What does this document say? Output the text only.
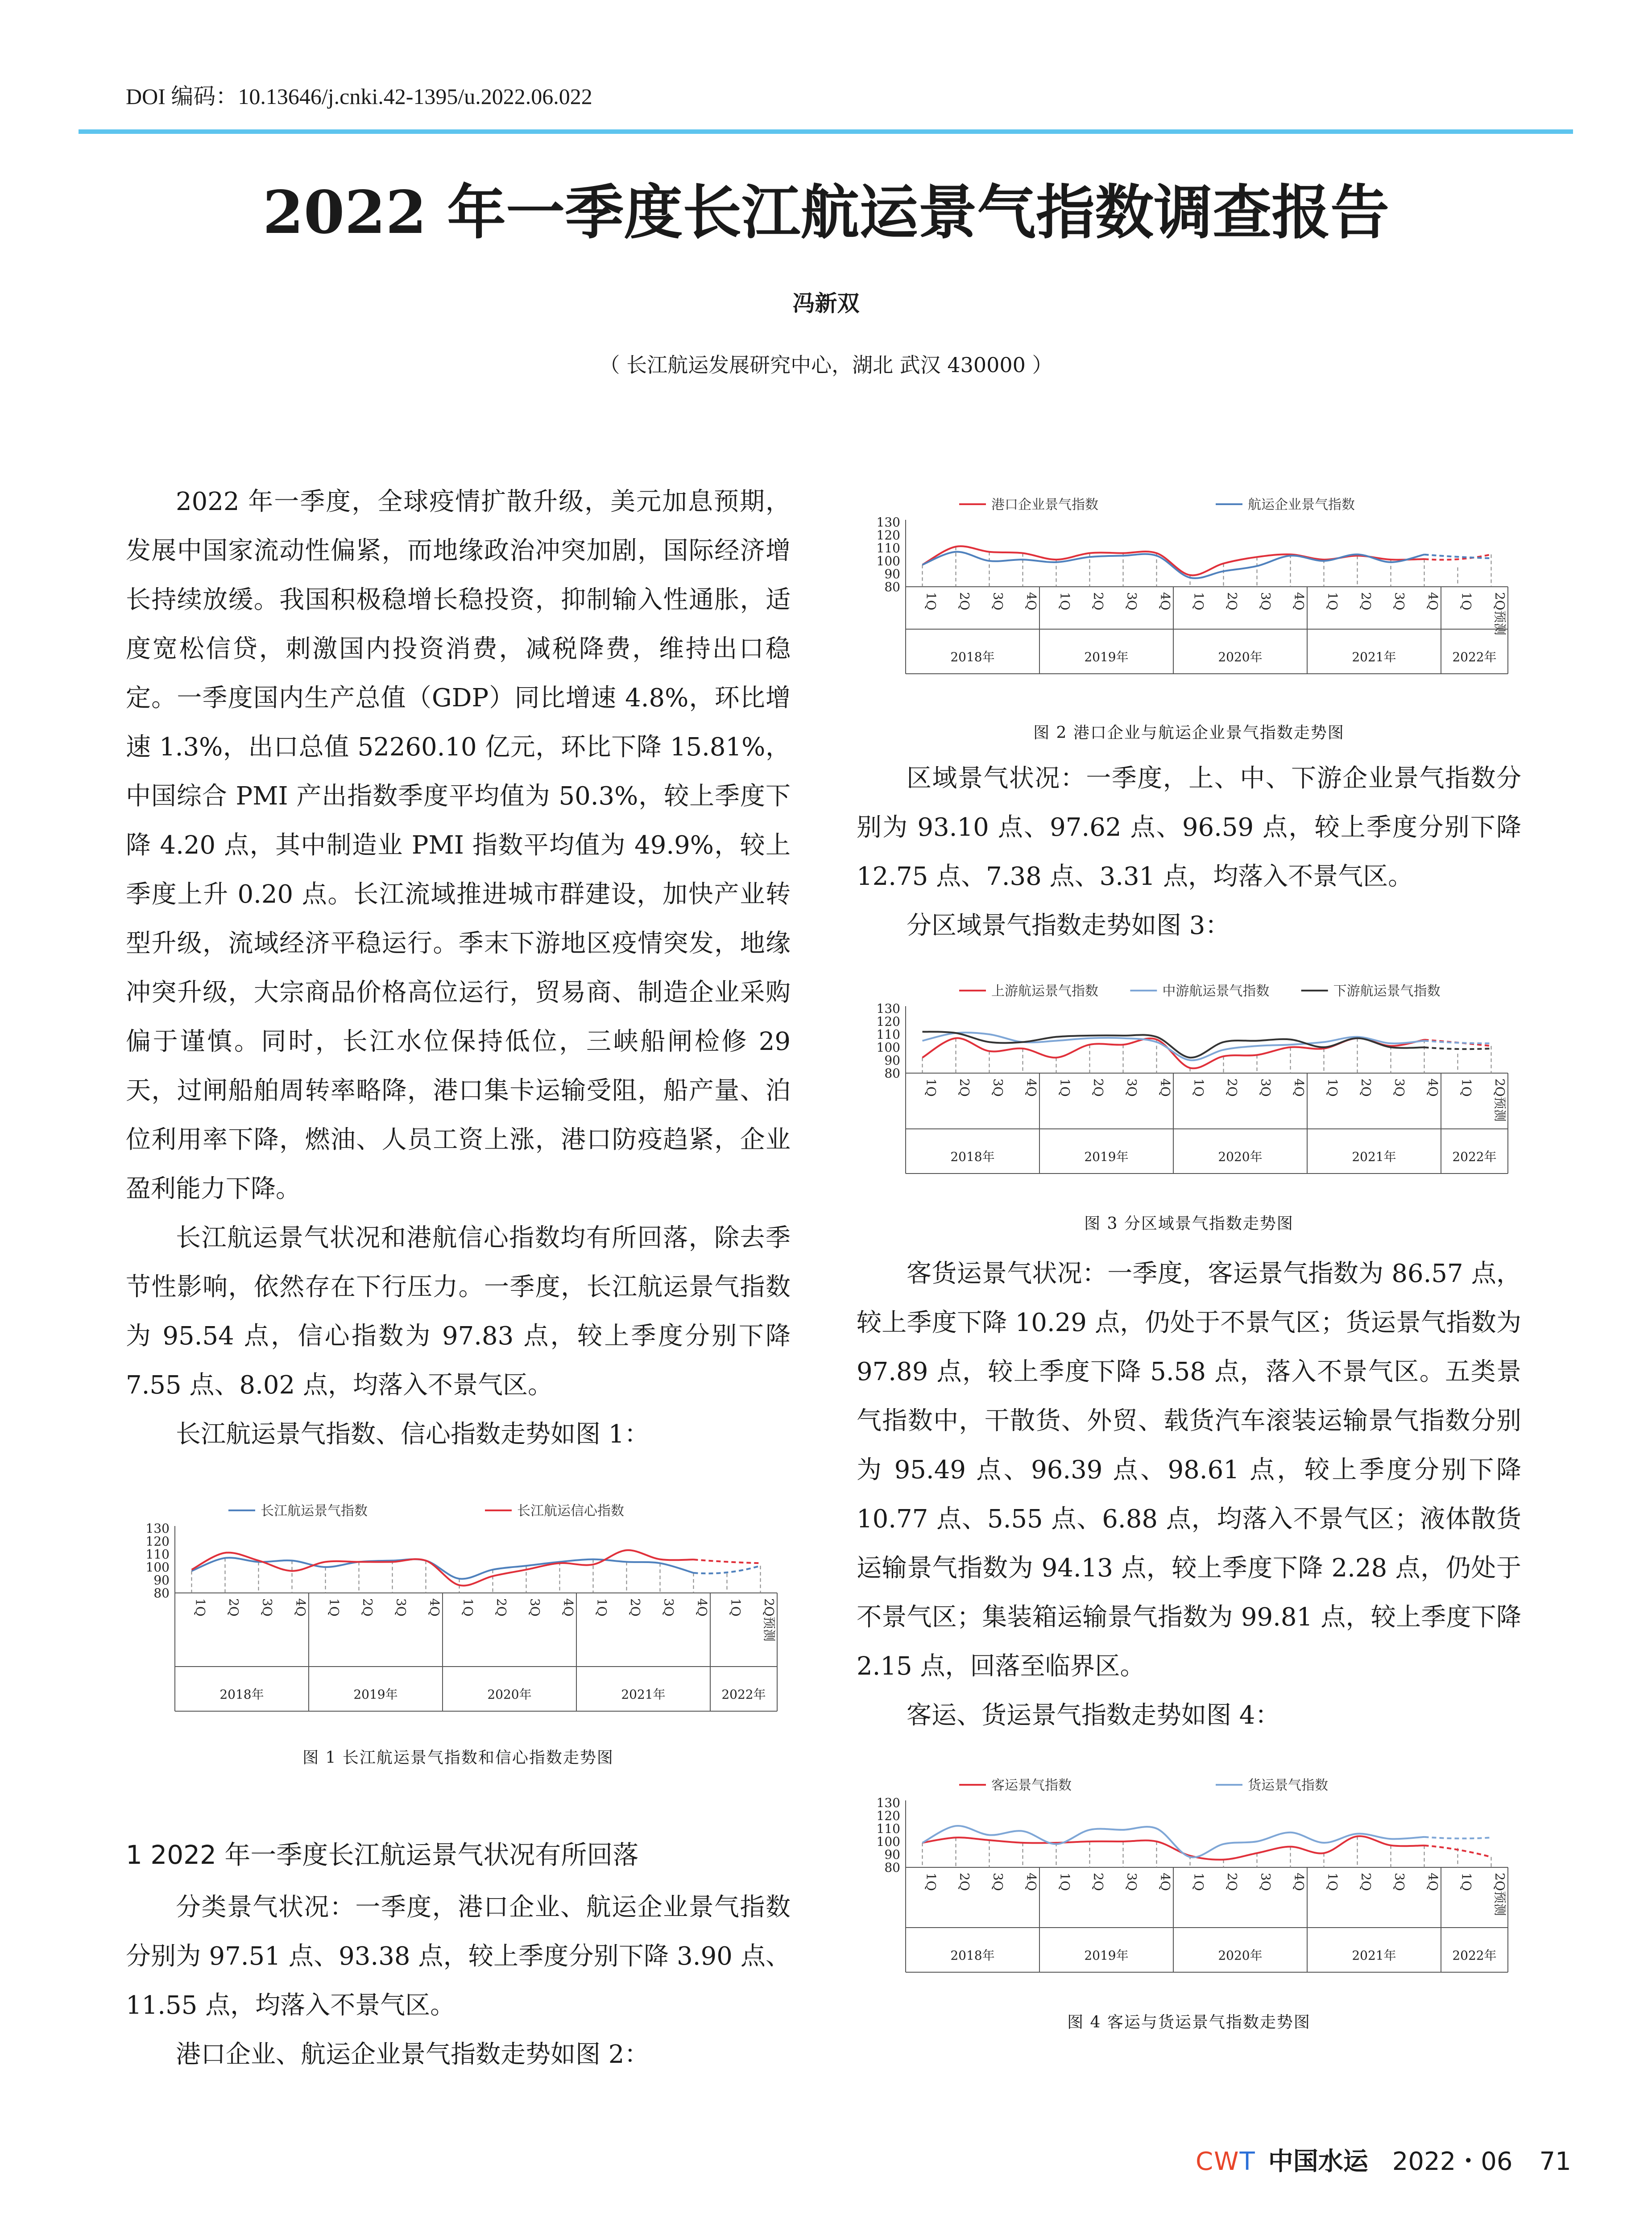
DOI 编码：10.13646/j.cnki.42-1395/u.2022.06.022
2022 年一季度长江航运景气指数调查报告
冯新双
（ 长江航运发展研究中心，湖北 武汉 430000 ）

2022 年一季度，全球疫情扩散升级，美元加息预期，发展中国家流动性偏紧，而地缘政治冲突加剧，国际经济增长持续放缓。我国积极稳增长稳投资，抑制输入性通胀，适度宽松信贷，刺激国内投资消费，减税降费，维持出口稳定。一季度国内生产总值（GDP）同比增速 4.8%，环比增速 1.3%，出口总值 52260.10 亿元，环比下降 15.81%，中国综合 PMI 产出指数季度平均值为 50.3%，较上季度下降 4.20 点，其中制造业 PMI 指数平均值为 49.9%，较上季度上升 0.20 点。长江流域推进城市群建设，加快产业转型升级，流域经济平稳运行。季末下游地区疫情突发，地缘冲突升级，大宗商品价格高位运行，贸易商、制造企业采购偏于谨慎。同时，长江水位保持低位，三峡船闸检修 29 天，过闸船舶周转率略降，港口集卡运输受阻，船产量、泊位利用率下降，燃油、人员工资上涨，港口防疫趋紧，企业盈利能力下降。

长江航运景气状况和港航信心指数均有所回落，除去季节性影响，依然存在下行压力。一季度，长江航运景气指数为 95.54 点，信心指数为 97.83 点，较上季度分别下降 7.55 点、8.02 点，均落入不景气区。

长江航运景气指数、信心指数走势如图 1：

长江航运景气指数	长江航运信心指数
80
90
100
110
120
130
1Q 2Q 3Q 4Q 1Q 2Q 3Q 4Q 1Q 2Q 3Q 4Q 1Q 2Q 3Q 4Q 1Q 2Q预测
2018年	2019年	2020年	2021年	2022年
图 1 长江航运景气指数和信心指数走势图
1 2022 年一季度长江航运景气状况有所回落

分类景气状况：一季度，港口企业、航运企业景气指数分别为 97.51 点、93.38 点，较上季度分别下降 3.90 点、11.55 点，均落入不景气区。

港口企业、航运企业景气指数走势如图 2：

港口企业景气指数	航运企业景气指数
80
90
100
110
120
130
1Q 2Q 3Q 4Q 1Q 2Q 3Q 4Q 1Q 2Q 3Q 4Q 1Q 2Q 3Q 4Q 1Q 2Q预测
2018年	2019年	2020年	2021年	2022年
图 2 港口企业与航运企业景气指数走势图

区域景气状况：一季度，上、中、下游企业景气指数分别为 93.10 点、97.62 点、96.59 点，较上季度分别下降 12.75 点、7.38 点、3.31 点，均落入不景气区。

分区域景气指数走势如图 3：

上游航运景气指数	中游航运景气指数	下游航运景气指数
80
90
100
110
120
130
1Q 2Q 3Q 4Q 1Q 2Q 3Q 4Q 1Q 2Q 3Q 4Q 1Q 2Q 3Q 4Q 1Q 2Q预测
2018年	2019年	2020年	2021年	2022年
图 3 分区域景气指数走势图

客货运景气状况：一季度，客运景气指数为 86.57 点，较上季度下降 10.29 点，仍处于不景气区；货运景气指数为 97.89 点，较上季度下降 5.58 点，落入不景气区。五类景气指数中，干散货、外贸、载货汽车滚装运输景气指数分别为 95.49 点、96.39 点、98.61 点，较上季度分别下降 10.77 点、5.55 点、6.88 点，均落入不景气区；液体散货运输景气指数为 94.13 点，较上季度下降 2.28 点，仍处于不景气区；集装箱运输景气指数为 99.81 点，较上季度下降 2.15 点，回落至临界区。

客运、货运景气指数走势如图 4：

客运景气指数	货运景气指数
80
90
100
110
120
130
1Q 2Q 3Q 4Q 1Q 2Q 3Q 4Q 1Q 2Q 3Q 4Q 1Q 2Q 3Q 4Q 1Q 2Q预测
2018年	2019年	2020年	2021年	2022年
图 4 客运与货运景气指数走势图
CWT 中国水运 2022・06 71
